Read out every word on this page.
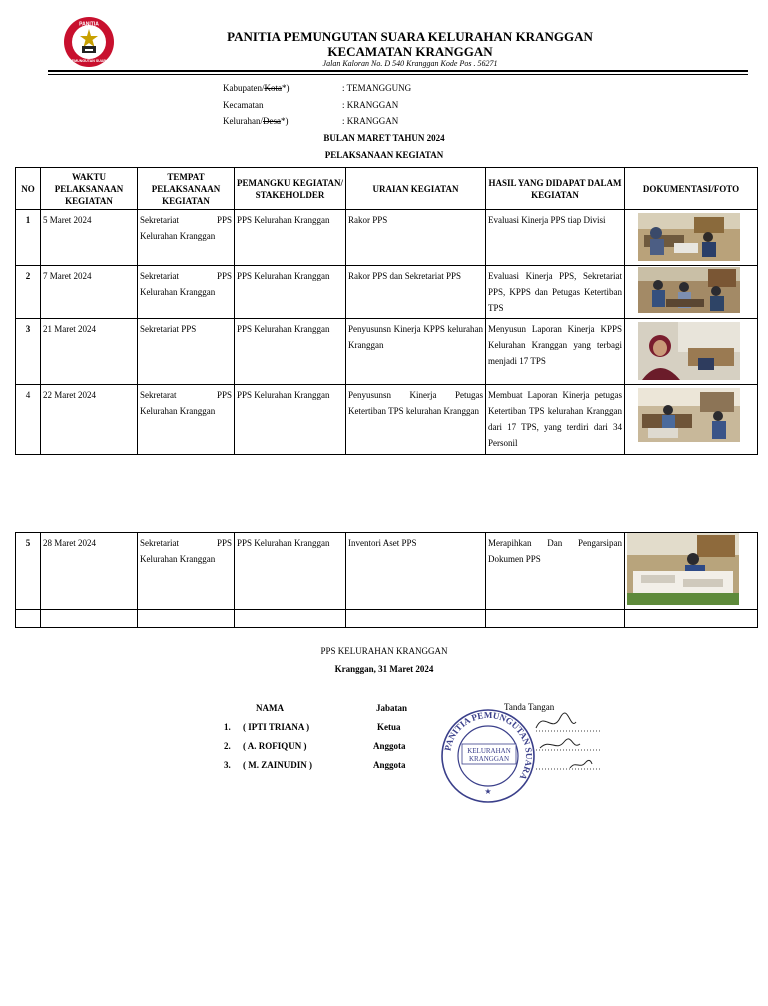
PANITIA
PEMUNGUTAN SUARA
PANITIA PEMUNGUTAN SUARA KELURAHAN KRANGGAN
KECAMATAN KRANGGAN
Jalan Kaloran No. D 540 Kranggan Kode Pos . 56271
Kabupaten/Kota*)	: TEMANGGUNG
Kecamatan	: KRANGGAN
Kelurahan/Desa*)	: KRANGGAN
BULAN MARET TAHUN 2024
PELAKSANAAN KEGIATAN
NO	WAKTU PELAKSANAAN KEGIATAN	TEMPAT PELAKSANAAN KEGIATAN	PEMANGKU KEGIATAN/ STAKEHOLDER	URAIAN KEGIATAN	HASIL YANG DIDAPAT DALAM KEGIATAN	DOKUMENTASI/FOTO
1	5 Maret 2024	Sekretariat PPS Kelurahan Kranggan	PPS Kelurahan Kranggan	Rakor PPS	Evaluasi Kinerja PPS tiap Divisi	

2	7 Maret 2024	Sekretariat PPS Kelurahan Kranggan	PPS Kelurahan Kranggan	Rakor PPS dan Sekretariat PPS	Evaluasi Kinerja PPS, Sekretariat PPS, KPPS dan Petugas Ketertiban TPS	

3	21 Maret 2024	Sekretariat PPS	PPS Kelurahan Kranggan	Penyusunsn Kinerja KPPS kelurahan Kranggan	Menyusun Laporan Kinerja KPPS Kelurahan Kranggan yang terbagi menjadi 17 TPS	

4	22 Maret 2024	Sekretarat PPS Kelurahan Kranggan	PPS Kelurahan Kranggan	Penyusunsn Kinerja Petugas Ketertiban TPS kelurahan Kranggan	Membuat Laporan Kinerja petugas Ketertiban TPS kelurahan Kranggan dari 17 TPS, yang terdiri dari 34 Personil	
5	28 Maret 2024	Sekretariat PPS Kelurahan Kranggan	PPS Kelurahan Kranggan	Inventori Aset PPS	Merapihkan Dan Pengarsipan Dokumen PPS	

PPS KELURAHAN KRANGGAN
Kranggan, 31 Maret 2024
NAMA	Jabatan
1. ( IPTI TRIANA )	Ketua
2. ( A. ROFIQUN )	Anggota
3. ( M. ZAINUDIN )	Anggota
PANITIA PEMUNGUTAN SUARA
KELURAHAN
KRANGGAN
★
Tanda Tangan
